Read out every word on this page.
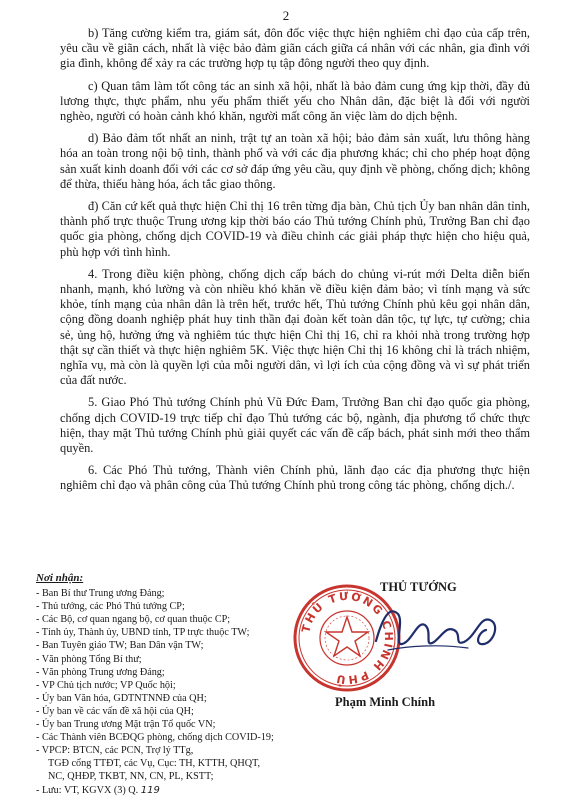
2

b) Tăng cường kiểm tra, giám sát, đôn đốc việc thực hiện nghiêm chỉ đạo của cấp trên, yêu cầu về giãn cách, nhất là việc bảo đảm giãn cách giữa cá nhân với các nhân, gia đình với gia đình, không để xảy ra các trường hợp tụ tập đông người theo quy định.

c) Quan tâm làm tốt công tác an sinh xã hội, nhất là bảo đảm cung ứng kịp thời, đầy đủ lương thực, thực phẩm, nhu yếu phẩm thiết yếu cho Nhân dân, đặc biệt là đối với người nghèo, người có hoàn cảnh khó khăn, người mất công ăn việc làm do dịch bệnh.

d) Bảo đảm tốt nhất an ninh, trật tự an toàn xã hội; bảo đảm sản xuất, lưu thông hàng hóa an toàn trong nội bộ tỉnh, thành phố và với các địa phương khác; chỉ cho phép hoạt động sản xuất kinh doanh đối với các cơ sở đáp ứng yêu cầu, quy định về phòng, chống dịch; không để thừa, thiếu hàng hóa, ách tắc giao thông.

đ) Căn cứ kết quả thực hiện Chỉ thị 16 trên từng địa bàn, Chủ tịch Ủy ban nhân dân tỉnh, thành phố trực thuộc Trung ương kịp thời báo cáo Thủ tướng Chính phủ, Trưởng Ban chỉ đạo quốc gia phòng, chống dịch COVID-19 và điều chỉnh các giải pháp thực hiện cho hiệu quả, phù hợp với tình hình.

4. Trong điều kiện phòng, chống dịch cấp bách do chủng vi-rút mới Delta diễn biến nhanh, mạnh, khó lường và còn nhiều khó khăn về điều kiện đảm bảo; vì tính mạng và sức khỏe, tính mạng của nhân dân là trên hết, trước hết, Thủ tướng Chính phủ kêu gọi nhân dân, cộng đồng doanh nghiệp phát huy tinh thần đại đoàn kết toàn dân tộc, tự lực, tự cường; chia sẻ, ủng hộ, hưởng ứng và nghiêm túc thực hiện Chỉ thị 16, chỉ ra khỏi nhà trong trường hợp thật sự cần thiết và thực hiện nghiêm 5K. Việc thực hiện Chỉ thị 16 không chỉ là trách nhiệm, nghĩa vụ, mà còn là quyền lợi của mỗi người dân, vì lợi ích của cộng đồng và vì sự phát triển của đất nước.

5. Giao Phó Thủ tướng Chính phủ Vũ Đức Đam, Trưởng Ban chỉ đạo quốc gia phòng, chống dịch COVID-19 trực tiếp chỉ đạo Thủ tướng các bộ, ngành, địa phương tổ chức thực hiện, thay mặt Thủ tướng Chính phủ giải quyết các vấn đề cấp bách, phát sinh mới theo thẩm quyền.

6. Các Phó Thủ tướng, Thành viên Chính phủ, lãnh đạo các địa phương thực hiện nghiêm chỉ đạo và phân công của Thủ tướng Chính phủ trong công tác phòng, chống dịch./.

Nơi nhận:
- Ban Bí thư Trung ương Đảng;
- Thủ tướng, các Phó Thủ tướng CP;
- Các Bộ, cơ quan ngang bộ, cơ quan thuộc CP;
- Tỉnh ủy, Thành ủy, UBND tỉnh, TP trực thuộc TW;
- Ban Tuyên giáo TW; Ban Dân vận TW;
- Văn phòng Tổng Bí thư;
- Văn phòng Trung ương Đảng;
- VP Chủ tịch nước; VP Quốc hội;
- Ủy ban Văn hóa, GDTNTNNĐ của QH;
- Ủy ban về các vấn đề xã hội của QH;
- Ủy ban Trung ương Mặt trận Tổ quốc VN;
- Các Thành viên BCĐQG phòng, chống dịch COVID-19;
- VPCP: BTCN, các PCN, Trợ lý TTg,
TGĐ cổng TTĐT, các Vụ, Cục: TH, KTTH, QHQT,
NC, QHĐP, TKBT, NN, CN, PL, KSTT;
- Lưu: VT, KGVX (3) Q. 119
THỦ TƯỚNG CHÍNH PHỦ
THỦ TƯỚNG
Phạm Minh Chính
